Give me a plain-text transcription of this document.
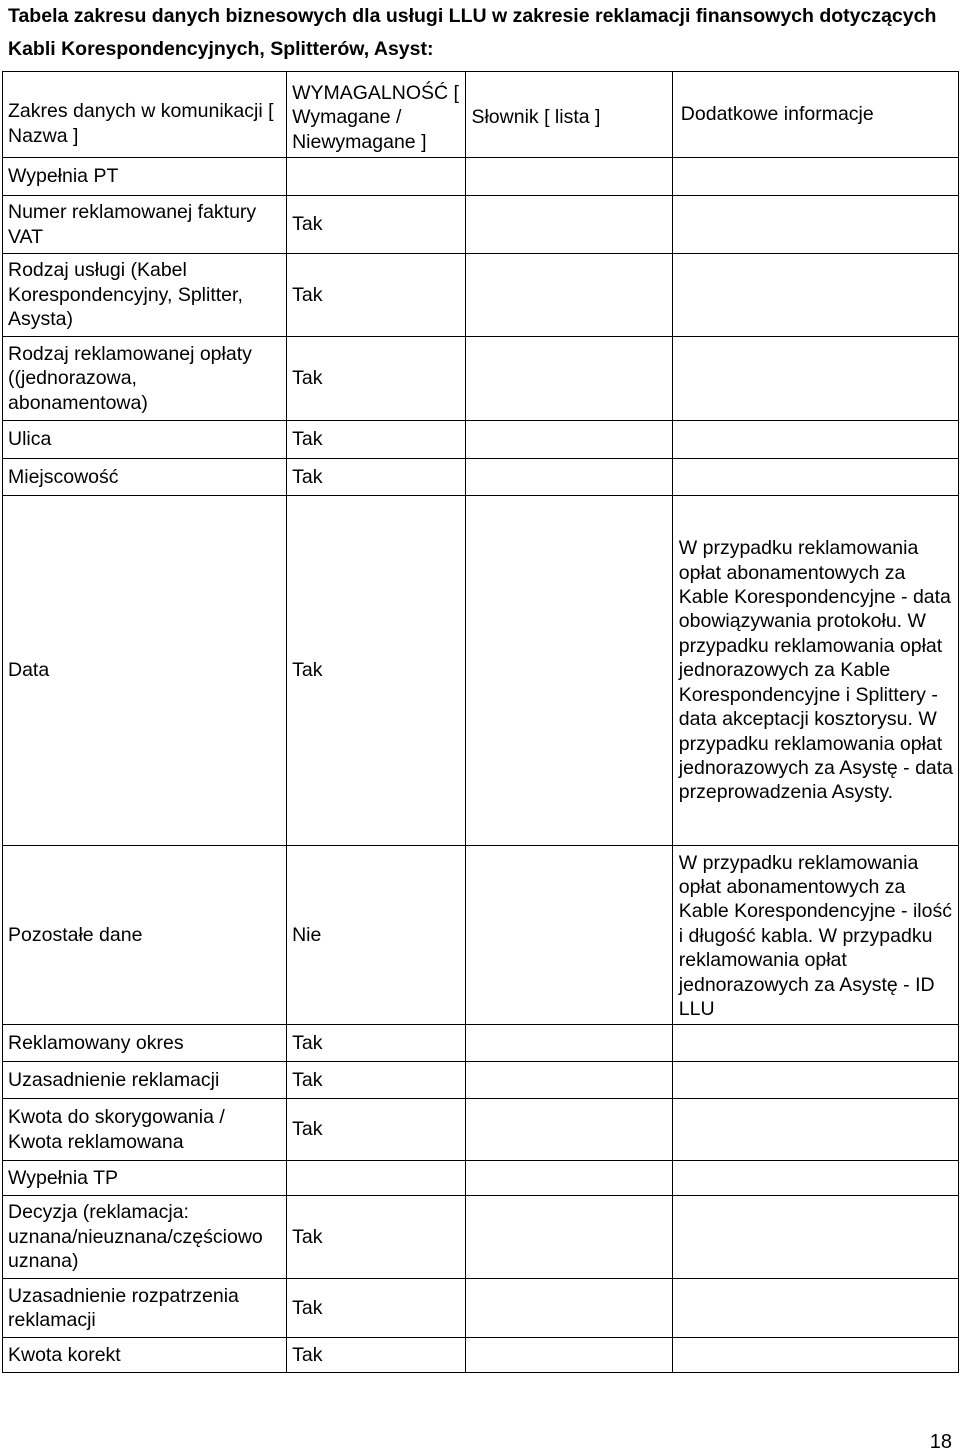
Tabela zakresu danych biznesowych dla usługi LLU w zakresie reklamacji finansowych dotyczących Kabli Korespondencyjnych, Splitterów, Asyst:
Zakres danych w komunikacji [ Nazwa ]	WYMAGALNOŚĆ [ Wymagane / Niewymagane ]	Słownik [ lista ]	Dodatkowe informacje
Wypełnia PT			
Numer reklamowanej faktury VAT	Tak		
Rodzaj usługi (Kabel Korespondencyjny, Splitter, Asysta)	Tak		
Rodzaj reklamowanej opłaty ((jednorazowa, abonamentowa)	Tak		
Ulica	Tak		
Miejscowość	Tak		
Data	Tak		W przypadku reklamowania opłat abonamentowych za Kable Korespondencyjne - data obowiązywania protokołu. W przypadku reklamowania opłat jednorazowych za Kable Korespondencyjne i Splittery - data akceptacji kosztorysu. W przypadku reklamowania opłat jednorazowych za Asystę - data przeprowadzenia Asysty.
Pozostałe dane	Nie		W przypadku reklamowania opłat abonamentowych za Kable Korespondencyjne - ilość i długość kabla. W przypadku reklamowania opłat jednorazowych za Asystę - ID LLU
Reklamowany okres	Tak		
Uzasadnienie reklamacji	Tak		
Kwota do skorygowania / Kwota reklamowana	Tak		
Wypełnia TP			
Decyzja (reklamacja: uznana/nieuznana/częściowo uznana)	Tak		
Uzasadnienie rozpatrzenia reklamacji	Tak		
Kwota korekt	Tak		
18
